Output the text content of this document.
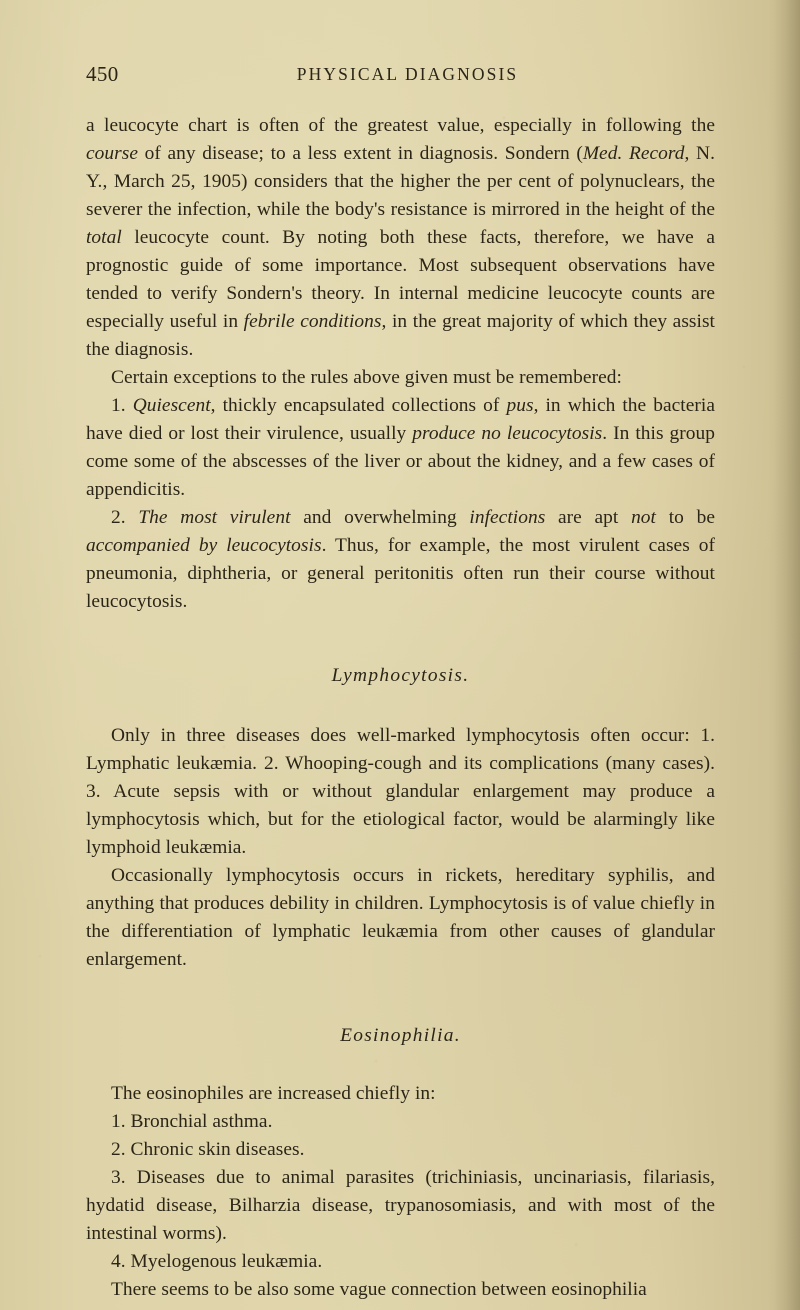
450	PHYSICAL DIAGNOSIS

a leucocyte chart is often of the greatest value, especially in following the course of any disease; to a less extent in diagnosis. Sondern (Med. Record, N. Y., March 25, 1905) considers that the higher the per cent of polynuclears, the severer the infection, while the body's resistance is mirrored in the height of the total leucocyte count. By noting both these facts, therefore, we have a prognostic guide of some importance. Most subsequent observations have tended to verify Sondern's theory. In internal medicine leucocyte counts are especially useful in febrile conditions, in the great majority of which they assist the diagnosis.

Certain exceptions to the rules above given must be remembered:

1. Quiescent, thickly encapsulated collections of pus, in which the bacteria have died or lost their virulence, usually produce no leucocytosis. In this group come some of the abscesses of the liver or about the kidney, and a few cases of appendicitis.

2. The most virulent and overwhelming infections are apt not to be accompanied by leucocytosis. Thus, for example, the most virulent cases of pneumonia, diphtheria, or general peritonitis often run their course without leucocytosis.

Lymphocytosis.

Only in three diseases does well-marked lymphocytosis often occur: 1. Lymphatic leukæmia. 2. Whooping-cough and its complications (many cases). 3. Acute sepsis with or without glandular enlargement may produce a lymphocytosis which, but for the etiological factor, would be alarmingly like lymphoid leukæmia.

Occasionally lymphocytosis occurs in rickets, hereditary syphilis, and anything that produces debility in children. Lymphocytosis is of value chiefly in the differentiation of lymphatic leukæmia from other causes of glandular enlargement.

Eosinophilia.

The eosinophiles are increased chiefly in:

1. Bronchial asthma.

2. Chronic skin diseases.

3. Diseases due to animal parasites (trichiniasis, uncinariasis, filariasis, hydatid disease, Bilharzia disease, trypanosomiasis, and with most of the intestinal worms).

4. Myelogenous leukæmia.

There seems to be also some vague connection between eosinophilia
